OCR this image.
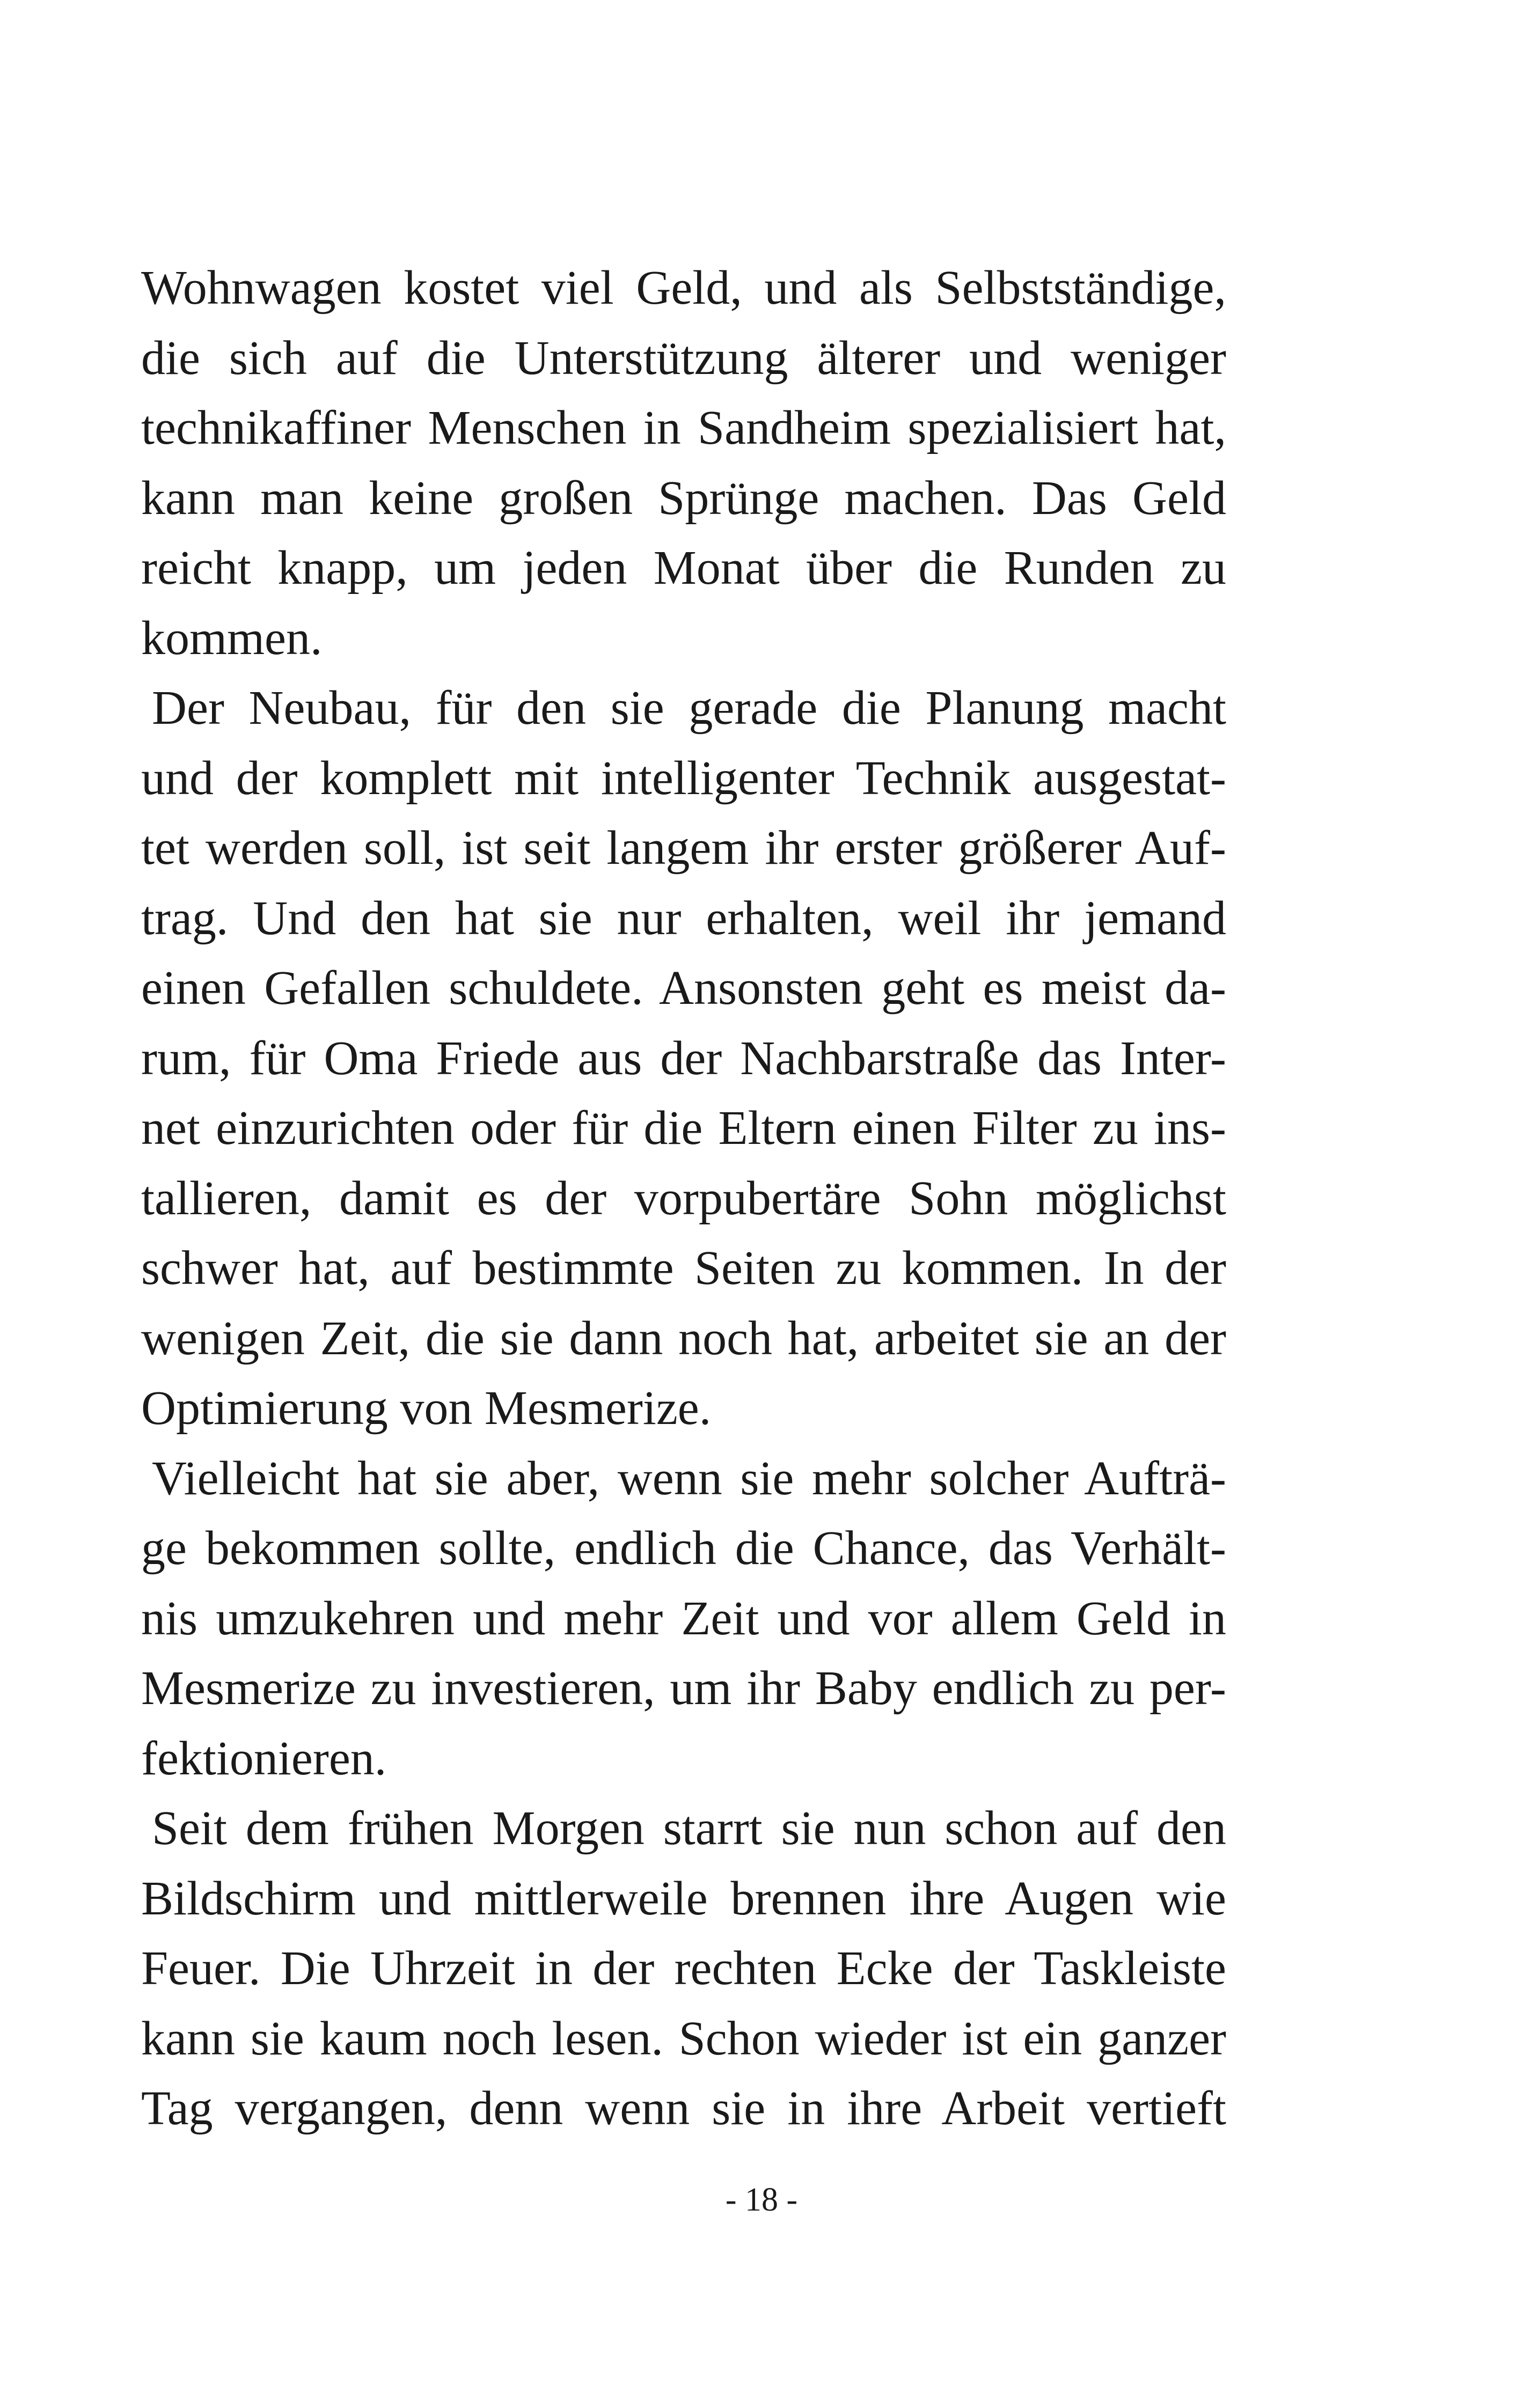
Wohnwagen kostet viel Geld, und als Selbstständige,
die sich auf die Unterstützung älterer und weniger
technikaffiner Menschen in Sandheim spezialisiert hat,
kann man keine großen Sprünge machen. Das Geld
reicht knapp, um jeden Monat über die Runden zu
kommen.
Der Neubau, für den sie gerade die Planung macht
und der komplett mit intelligenter Technik ausgestat-
tet werden soll, ist seit langem ihr erster größerer Auf-
trag. Und den hat sie nur erhalten, weil ihr jemand
einen Gefallen schuldete. Ansonsten geht es meist da-
rum, für Oma Friede aus der Nachbarstraße das Inter-
net einzurichten oder für die Eltern einen Filter zu ins-
tallieren, damit es der vorpubertäre Sohn möglichst
schwer hat, auf bestimmte Seiten zu kommen. In der
wenigen Zeit, die sie dann noch hat, arbeitet sie an der
Optimierung von Mesmerize.
Vielleicht hat sie aber, wenn sie mehr solcher Aufträ-
ge bekommen sollte, endlich die Chance, das Verhält-
nis umzukehren und mehr Zeit und vor allem Geld in
Mesmerize zu investieren, um ihr Baby endlich zu per-
fektionieren.
Seit dem frühen Morgen starrt sie nun schon auf den
Bildschirm und mittlerweile brennen ihre Augen wie
Feuer. Die Uhrzeit in der rechten Ecke der Taskleiste
kann sie kaum noch lesen. Schon wieder ist ein ganzer
Tag vergangen, denn wenn sie in ihre Arbeit vertieft
- 18 -
